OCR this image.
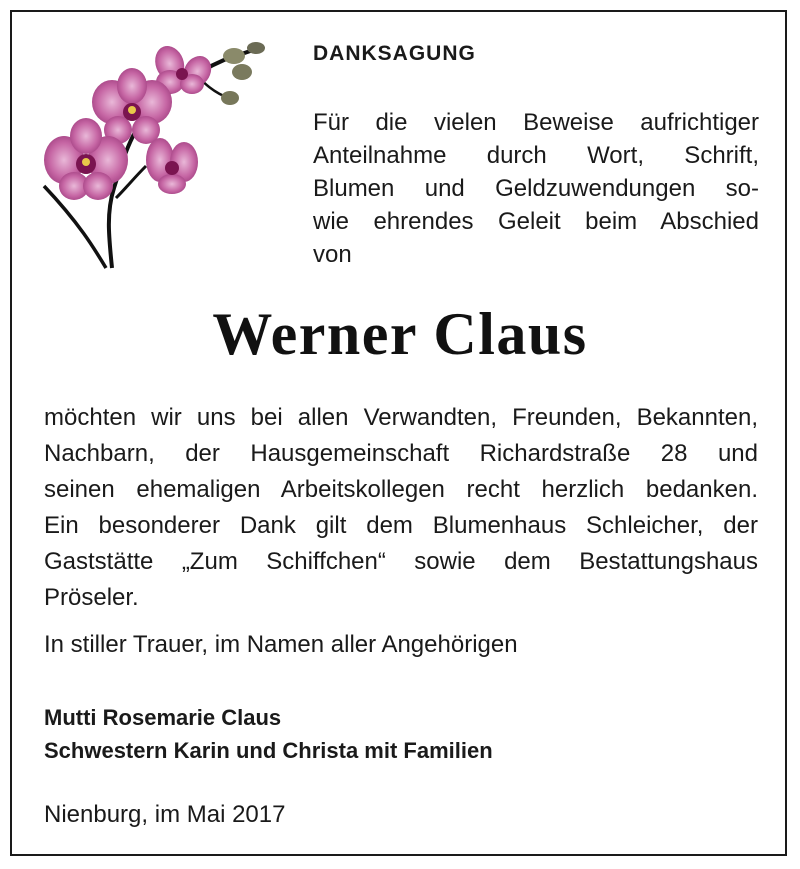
DANKSAGUNG

Für die vielen Beweise aufrichtiger
Anteilnahme durch Wort, Schrift,
Blumen und Geldzuwendungen so-
wie ehrendes Geleit beim Abschied
von

Werner Claus

möchten wir uns bei allen Verwandten, Freunden, Bekannten,
Nachbarn, der Hausgemeinschaft Richardstraße 28 und
seinen ehemaligen Arbeitskollegen recht herzlich bedanken.
Ein besonderer Dank gilt dem Blumenhaus Schleicher, der
Gaststätte „Zum Schiffchen“ sowie dem Bestattungshaus
Pröseler.

In stiller Trauer, im Namen aller Angehörigen

Mutti Rosemarie Claus
Schwestern Karin und Christa mit Familien

Nienburg, im Mai 2017
